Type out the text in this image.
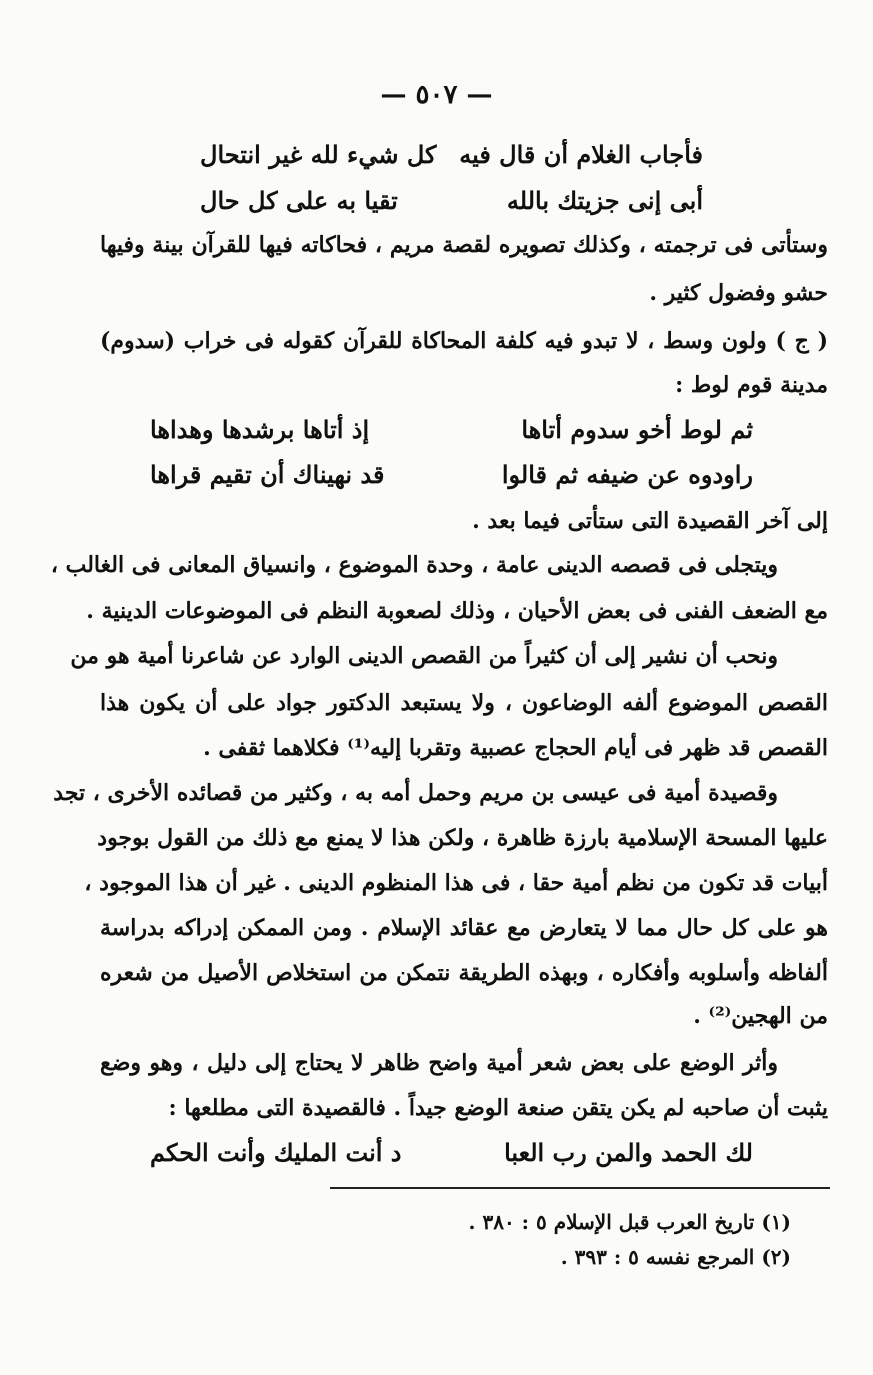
— ٥٠٧ —
فأجاب الغلام أن قال فيه
كل شيء لله غير انتحال
أبى إنى جزيتك بالله
تقيا به على كل حال
وستأتى فى ترجمته ، وكذلك تصويره لقصة مريم ، فحاكاته فيها للقرآن بينة وفيها
حشو وفضول كثير .
( ج ) ولون وسط ، لا تبدو فيه كلفة المحاكاة للقرآن كقوله فى خراب (سدوم)
مدينة قوم لوط :
ثم لوط أخو سدوم أتاها
إذ أتاها برشدها وهداها
راودوه عن ضيفه ثم قالوا
قد نهيناك أن تقيم قراها
إلى آخر القصيدة التى ستأتى فيما بعد .
ويتجلى فى قصصه الدينى عامة ، وحدة الموضوع ، وانسياق المعانى فى الغالب ،
مع الضعف الفنى فى بعض الأحيان ، وذلك لصعوبة النظم فى الموضوعات الدينية .
ونحب أن نشير إلى أن كثيراً من القصص الدينى الوارد عن شاعرنا أمية هو من
القصص الموضوع ألفه الوضاعون ، ولا يستبعد الدكتور جواد على أن يكون هذا
القصص قد ظهر فى أيام الحجاج عصبية وتقربا إليه⁽¹⁾ فكلاهما ثقفى .
وقصيدة أمية فى عيسى بن مريم وحمل أمه به ، وكثير من قصائده الأخرى ، تجد
عليها المسحة الإسلامية بارزة ظاهرة ، ولكن هذا لا يمنع مع ذلك من القول بوجود
أبيات قد تكون من نظم أمية حقا ، فى هذا المنظوم الدينى . غير أن هذا الموجود ،
هو على كل حال مما لا يتعارض مع عقائد الإسلام . ومن الممكن إدراكه بدراسة
ألفاظه وأسلوبه وأفكاره ، وبهذه الطريقة نتمكن من استخلاص الأصيل من شعره
من الهجين⁽²⁾ .
وأثر الوضع على بعض شعر أمية واضح ظاهر لا يحتاج إلى دليل ، وهو وضع
يثبت أن صاحبه لم يكن يتقن صنعة الوضع جيداً . فالقصيدة التى مطلعها :
لك الحمد والمن رب العبا
د أنت المليك وأنت الحكم
(١) تاريخ العرب قبل الإسلام ٥ : ٣٨٠ .
(٢) المرجع نفسه ٥ : ٣٩٣ .
